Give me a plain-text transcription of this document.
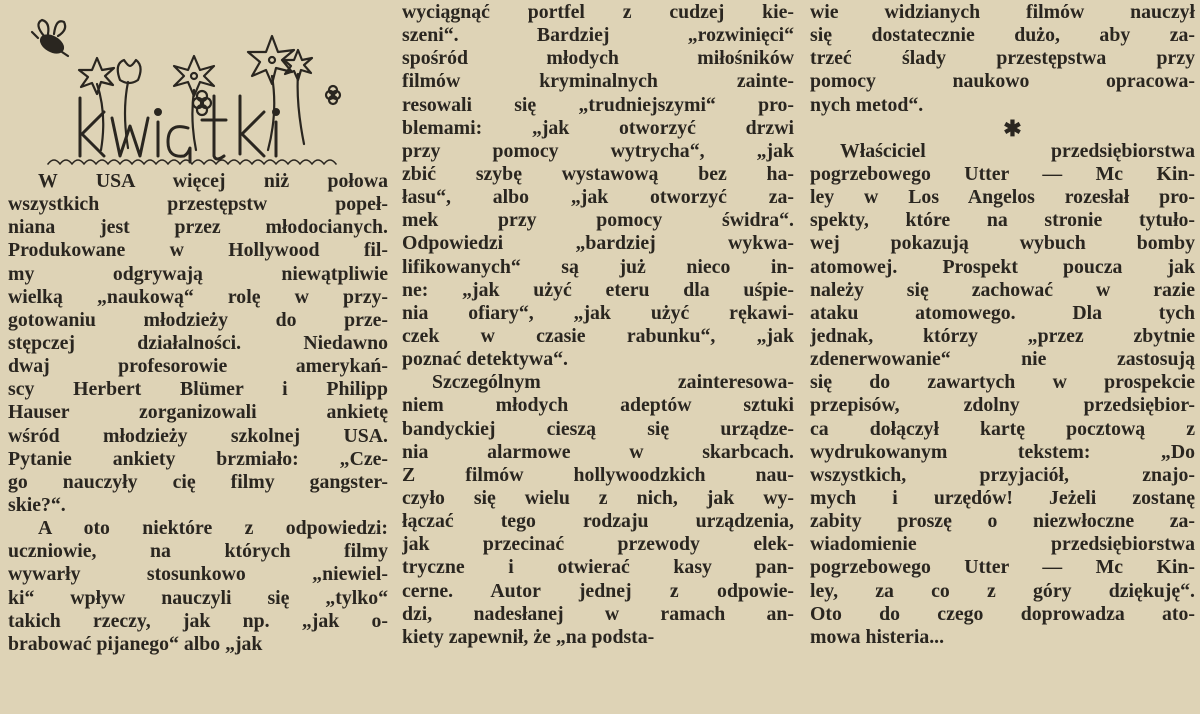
W USA więcej niż połowa
wszystkich przestępstw popeł-
niana jest przez młodocianych.
Produkowane w Hollywood fil-
my odgrywają niewątpliwie
wielką „naukową“ rolę w przy-
gotowaniu młodzieży do prze-
stępczej działalności. Niedawno
dwaj profesorowie amerykań-
scy Herbert Blümer i Philipp
Hauser zorganizowali ankietę
wśród młodzieży szkolnej USA.
Pytanie ankiety brzmiało: „Cze-
go nauczyły cię filmy gangster-
skie?“.
A oto niektóre z odpowiedzi:
uczniowie, na których filmy
wywarły stosunkowo „niewiel-
ki“ wpływ nauczyli się „tylko“
takich rzeczy, jak np. „jak o-
brabować pijanego“ albo „jak
wyciągnąć portfel z cudzej kie-
szeni“. Bardziej „rozwinięci“
spośród młodych miłośników
filmów kryminalnych zainte-
resowali się „trudniejszymi“ pro-
blemami: „jak otworzyć drzwi
przy pomocy wytrycha“, „jak
zbić szybę wystawową bez ha-
łasu“, albo „jak otworzyć za-
mek przy pomocy świdra“.
Odpowiedzi „bardziej wykwa-
lifikowanych“ są już nieco in-
ne: „jak użyć eteru dla uśpie-
nia ofiary“, „jak użyć rękawi-
czek w czasie rabunku“, „jak
poznać detektywa“.
Szczególnym zainteresowa-
niem młodych adeptów sztuki
bandyckiej cieszą się urządze-
nia alarmowe w skarbcach.
Z filmów hollywoodzkich nau-
czyło się wielu z nich, jak wy-
łączać tego rodzaju urządzenia,
jak przecinać przewody elek-
tryczne i otwierać kasy pan-
cerne. Autor jednej z odpowie-
dzi, nadesłanej w ramach an-
kiety zapewnił, że „na podsta-
wie widzianych filmów nauczył
się dostatecznie dużo, aby za-
trzeć ślady przestępstwa przy
pomocy naukowo opracowa-
nych metod“.
✱
Właściciel przedsiębiorstwa
pogrzebowego Utter — Mc Kin-
ley w Los Angelos rozesłał pro-
spekty, które na stronie tytuło-
wej pokazują wybuch bomby
atomowej. Prospekt poucza jak
należy się zachować w razie
ataku atomowego. Dla tych
jednak, którzy „przez zbytnie
zdenerwowanie“ nie zastosują
się do zawartych w prospekcie
przepisów, zdolny przedsiębior-
ca dołączył kartę pocztową z
wydrukowanym tekstem: „Do
wszystkich, przyjaciół, znajo-
mych i urzędów! Jeżeli zostanę
zabity proszę o niezwłoczne za-
wiadomienie przedsiębiorstwa
pogrzebowego Utter — Mc Kin-
ley, za co z góry dziękuję“.
Oto do czego doprowadza ato-
mowa histeria...
